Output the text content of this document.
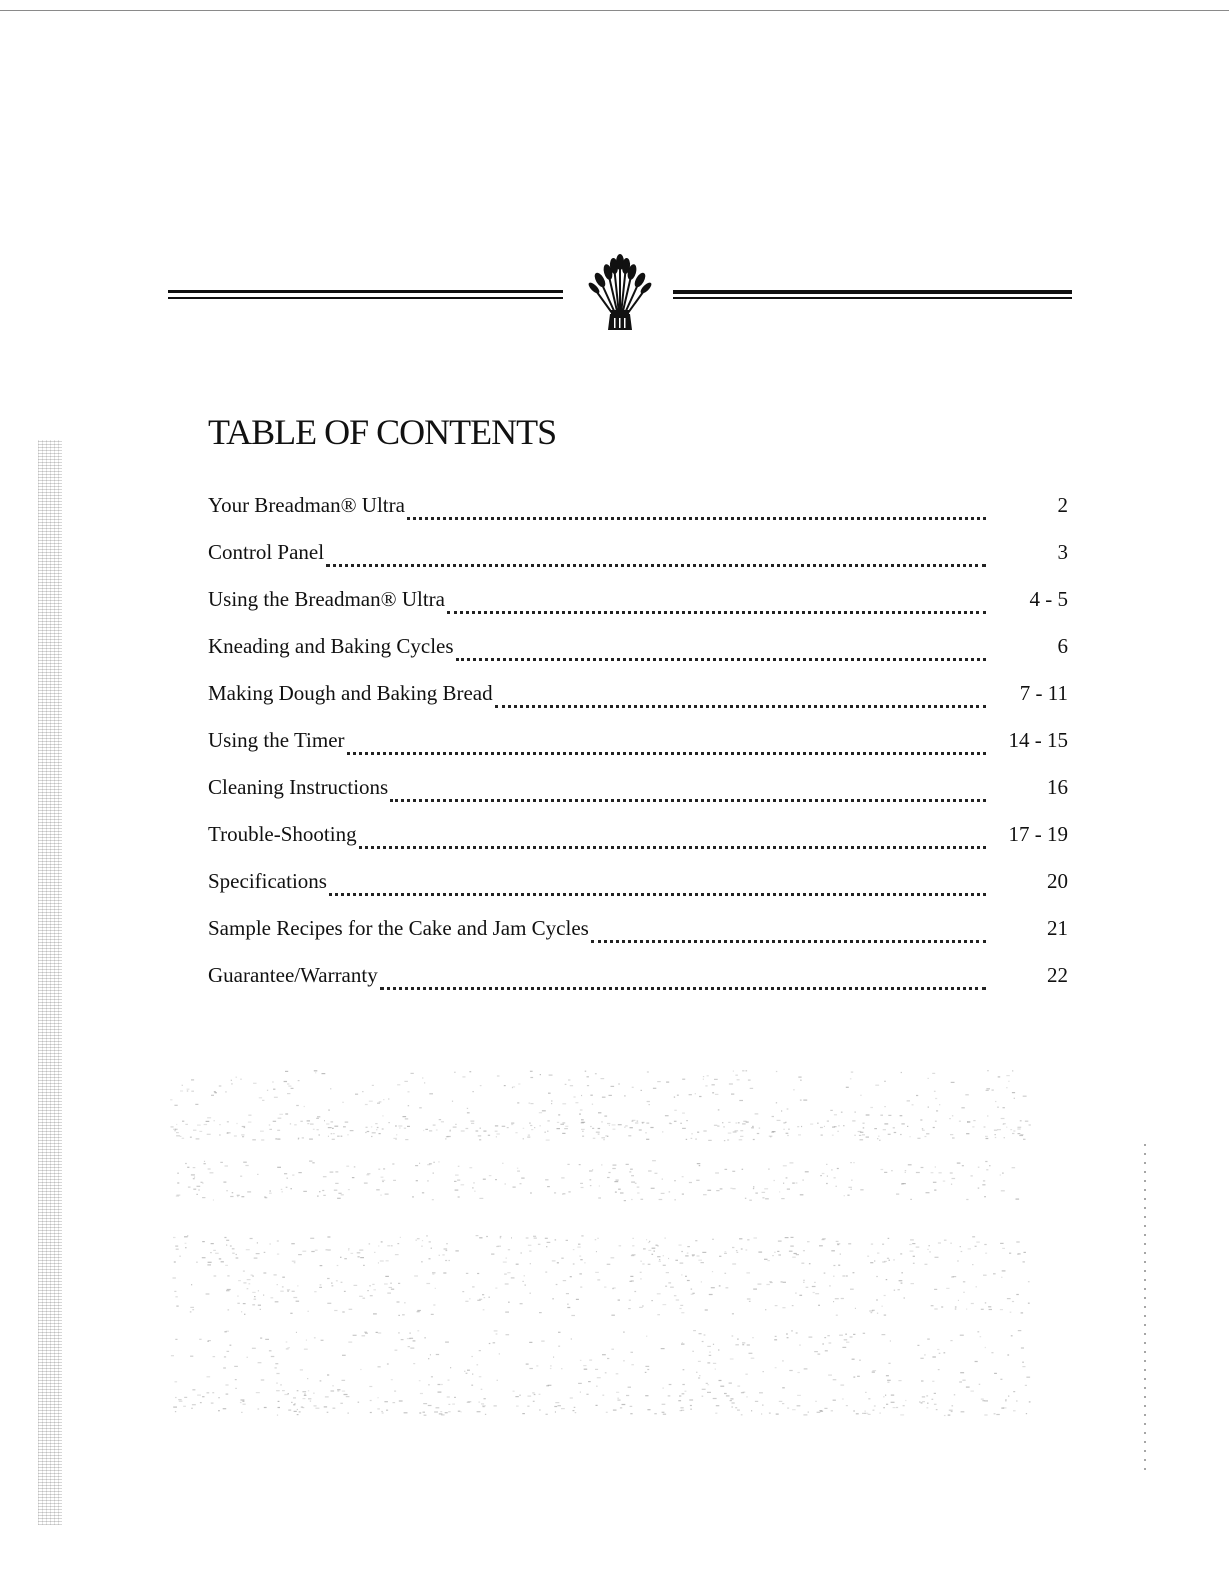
TABLE OF CONTENTS
Your Breadman® Ultra	2
Control Panel	3
Using the Breadman® Ultra	4 - 5
Kneading and Baking Cycles	6
Making Dough and Baking Bread	7 - 11
Using the Timer	14 - 15
Cleaning Instructions	16
Trouble-Shooting	17 - 19
Specifications	20
Sample Recipes for the Cake and Jam Cycles	21
Guarantee/Warranty	22
